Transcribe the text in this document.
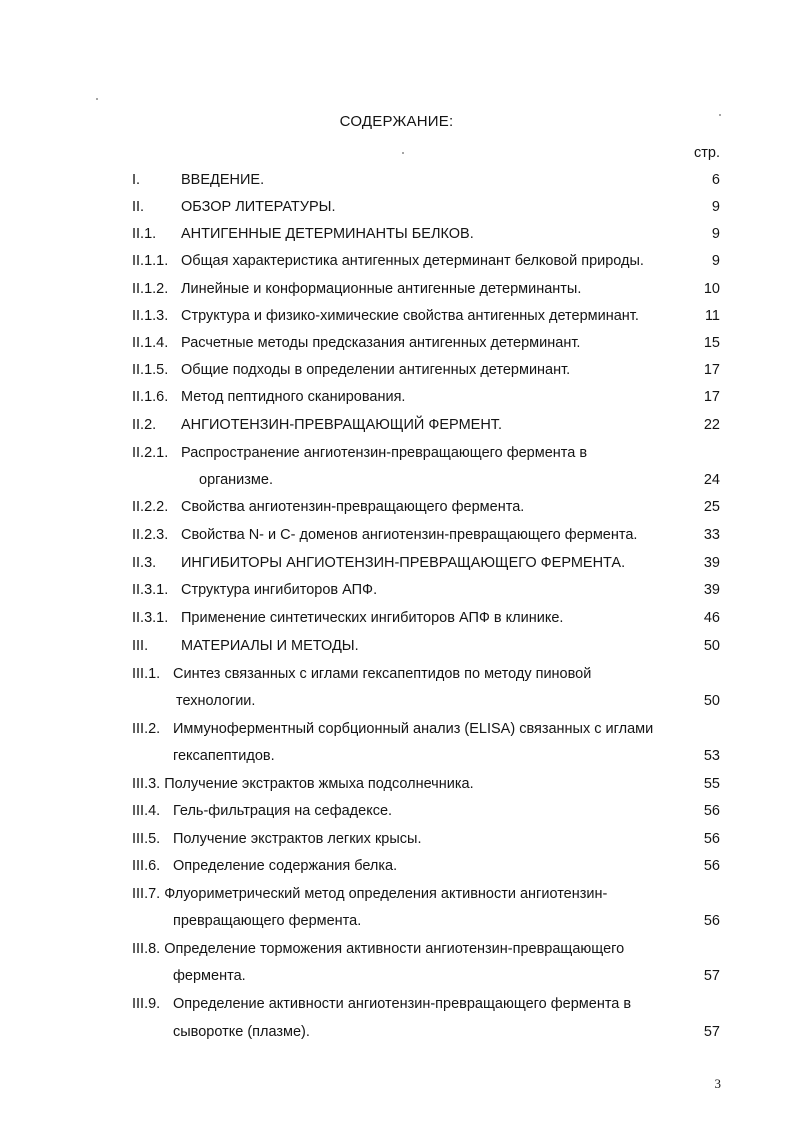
СОДЕРЖАНИЕ:
стр.
I.	ВВЕДЕНИЕ.	6
II.	ОБЗОР ЛИТЕРАТУРЫ.	9
II.1. АНТИГЕННЫЕ ДЕТЕРМИНАНТЫ БЕЛКОВ.	9
II.1.1. Общая характеристика антигенных детерминант белковой природы.	9
II.1.2. Линейные и конформационные антигенные детерминанты.	10
II.1.3. Структура и физико-химические свойства антигенных детерминант.	11
II.1.4. Расчетные методы предсказания антигенных детерминант.	15
II.1.5. Общие подходы в определении антигенных детерминант.	17
II.1.6. Метод пептидного сканирования.	17
II.2. АНГИОТЕНЗИН-ПРЕВРАЩАЮЩИЙ ФЕРМЕНТ.	22
II.2.1. Распространение ангиотензин-превращающего фермента в
организме.	24
II.2.2. Свойства ангиотензин-превращающего фермента.	25
II.2.3. Свойства N- и С- доменов ангиотензин-превращающего фермента.	33
II.3. ИНГИБИТОРЫ АНГИОТЕНЗИН-ПРЕВРАЩАЮЩЕГО ФЕРМЕНТА.	39
II.3.1. Структура ингибиторов АПФ.	39
II.3.1. Применение синтетических ингибиторов АПФ в клинике.	46
III. МАТЕРИАЛЫ И МЕТОДЫ.	50
III.1. Синтез связанных с иглами гексапептидов по методу пиновой
технологии.	50
III.2. Иммуноферментный сорбционный анализ (ELISA) связанных с иглами
гексапептидов.	53
III.3. Получение экстрактов жмыха подсолнечника.	55
III.4. Гель-фильтрация на сефадексе.	56
III.5. Получение экстрактов легких крысы.	56
III.6. Определение содержания белка.	56
III.7. Флуориметрический метод определения активности ангиотензин-
превращающего фермента.	56
III.8. Определение торможения активности ангиотензин-превращающего
фермента.	57
III.9. Определение активности ангиотензин-превращающего фермента в
сыворотке (плазме).	57
3
